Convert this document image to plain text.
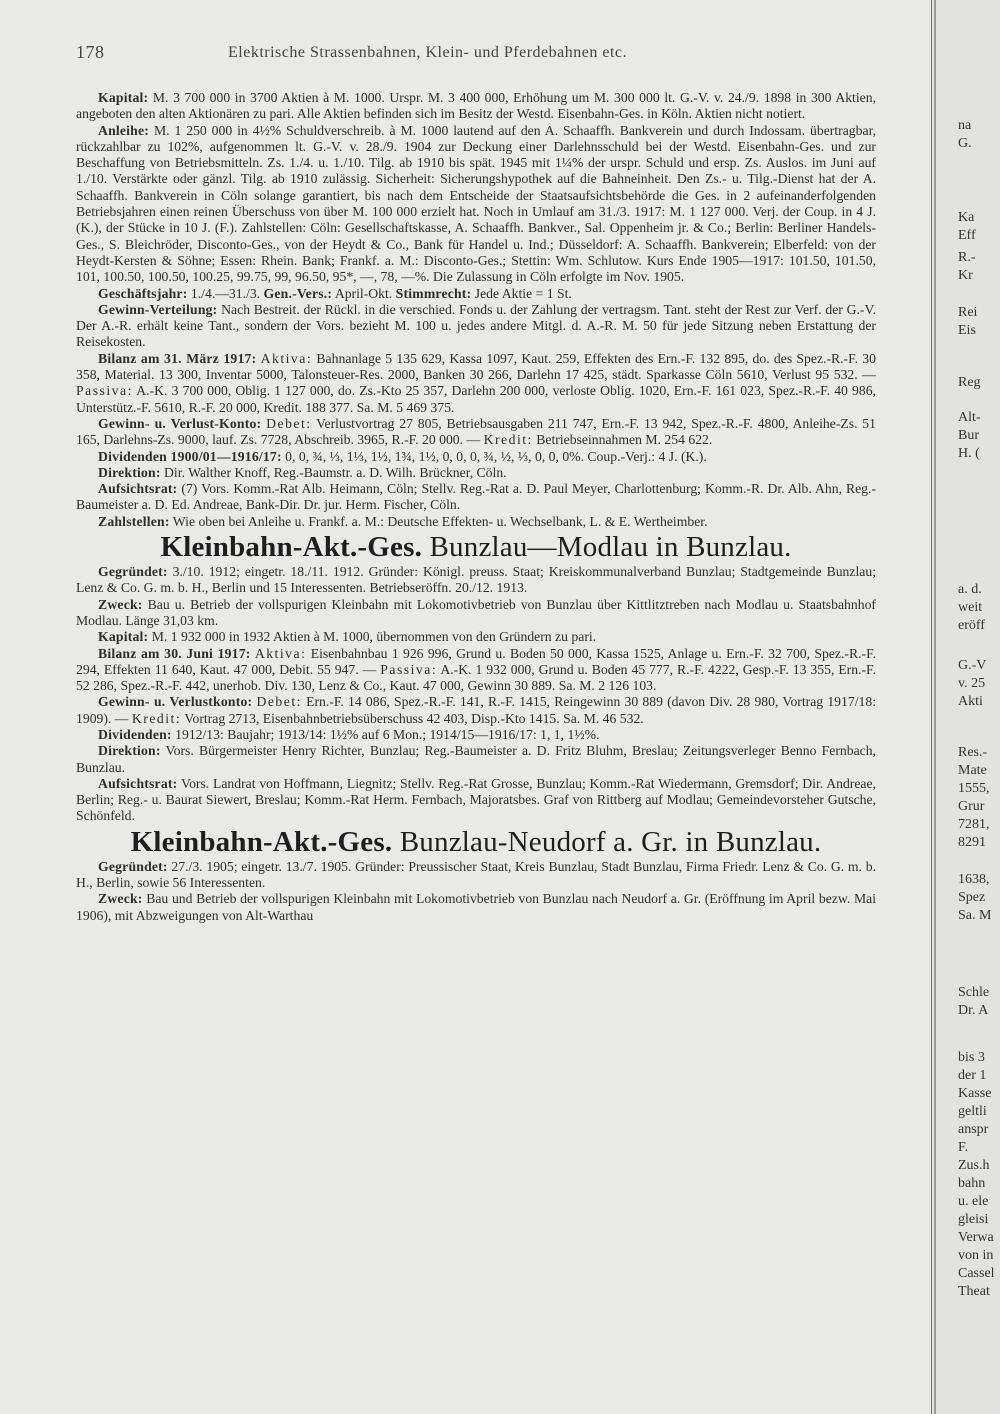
178	Elektrische Strassenbahnen, Klein- und Pferdebahnen etc.

Kapital: M. 3 700 000 in 3700 Aktien à M. 1000. Urspr. M. 3 400 000, Erhöhung um M. 300 000 lt. G.-V. v. 24./9. 1898 in 300 Aktien, angeboten den alten Aktionären zu pari. Alle Aktien befinden sich im Besitz der Westd. Eisenbahn-Ges. in Köln. Aktien nicht notiert.

Anleihe: M. 1 250 000 in 4½% Schuldverschreib. à M. 1000 lautend auf den A. Schaaffh. Bankverein und durch Indossam. übertragbar, rückzahlbar zu 102%, aufgenommen lt. G.-V. v. 28./9. 1904 zur Deckung einer Darlehnsschuld bei der Westd. Eisenbahn-Ges. und zur Beschaffung von Betriebsmitteln. Zs. 1./4. u. 1./10. Tilg. ab 1910 bis spät. 1945 mit 1¼% der urspr. Schuld und ersp. Zs. Auslos. im Juni auf 1./10. Verstärkte oder gänzl. Tilg. ab 1910 zulässig. Sicherheit: Sicherungshypothek auf die Bahneinheit. Den Zs.- u. Tilg.-Dienst hat der A. Schaaffh. Bankverein in Cöln solange garantiert, bis nach dem Entscheide der Staatsaufsichtsbehörde die Ges. in 2 aufeinanderfolgenden Betriebsjahren einen reinen Überschuss von über M. 100 000 erzielt hat. Noch in Umlauf am 31./3. 1917: M. 1 127 000. Verj. der Coup. in 4 J. (K.), der Stücke in 10 J. (F.). Zahlstellen: Cöln: Gesellschaftskasse, A. Schaaffh. Bankver., Sal. Oppenheim jr. & Co.; Berlin: Berliner Handels-Ges., S. Bleichröder, Disconto-Ges., von der Heydt & Co., Bank für Handel u. Ind.; Düsseldorf: A. Schaaffh. Bankverein; Elberfeld: von der Heydt-Kersten & Söhne; Essen: Rhein. Bank; Frankf. a. M.: Disconto-Ges.; Stettin: Wm. Schlutow. Kurs Ende 1905—1917: 101.50, 101.50, 101, 100.50, 100.50, 100.25, 99.75, 99, 96.50, 95*, —, 78, —%. Die Zulassung in Cöln erfolgte im Nov. 1905.

Geschäftsjahr: 1./4.—31./3. Gen.-Vers.: April-Okt. Stimmrecht: Jede Aktie = 1 St.

Gewinn-Verteilung: Nach Bestreit. der Rückl. in die verschied. Fonds u. der Zahlung der vertragsm. Tant. steht der Rest zur Verf. der G.-V. Der A.-R. erhält keine Tant., sondern der Vors. bezieht M. 100 u. jedes andere Mitgl. d. A.-R. M. 50 für jede Sitzung neben Erstattung der Reisekosten.

Bilanz am 31. März 1917: Aktiva: Bahnanlage 5 135 629, Kassa 1097, Kaut. 259, Effekten des Ern.-F. 132 895, do. des Spez.-R.-F. 30 358, Material. 13 300, Inventar 5000, Talonsteuer-Res. 2000, Banken 30 266, Darlehn 17 425, städt. Sparkasse Cöln 5610, Verlust 95 532. — Passiva: A.-K. 3 700 000, Oblig. 1 127 000, do. Zs.-Kto 25 357, Darlehn 200 000, verloste Oblig. 1020, Ern.-F. 161 023, Spez.-R.-F. 40 986, Unterstütz.-F. 5610, R.-F. 20 000, Kredit. 188 377. Sa. M. 5 469 375.

Gewinn- u. Verlust-Konto: Debet: Verlustvortrag 27 805, Betriebsausgaben 211 747, Ern.-F. 13 942, Spez.-R.-F. 4800, Anleihe-Zs. 51 165, Darlehns-Zs. 9000, lauf. Zs. 7728, Abschreib. 3965, R.-F. 20 000. — Kredit: Betriebseinnahmen M. 254 622.

Dividenden 1900/01—1916/17: 0, 0, ¾, ⅓, 1⅓, 1½, 1¾, 1½, 0, 0, 0, ¾, ½, ⅓, 0, 0, 0%. Coup.-Verj.: 4 J. (K.).

Direktion: Dir. Walther Knoff, Reg.-Baumstr. a. D. Wilh. Brückner, Cöln.

Aufsichtsrat: (7) Vors. Komm.-Rat Alb. Heimann, Cöln; Stellv. Reg.-Rat a. D. Paul Meyer, Charlottenburg; Komm.-R. Dr. Alb. Ahn, Reg.-Baumeister a. D. Ed. Andreae, Bank-Dir. Dr. jur. Herm. Fischer, Cöln.

Zahlstellen: Wie oben bei Anleihe u. Frankf. a. M.: Deutsche Effekten- u. Wechselbank, L. & E. Wertheimber.

Kleinbahn-Akt.-Ges. Bunzlau—Modlau in Bunzlau.

Gegründet: 3./10. 1912; eingetr. 18./11. 1912. Gründer: Königl. preuss. Staat; Kreiskommunalverband Bunzlau; Stadtgemeinde Bunzlau; Lenz & Co. G. m. b. H., Berlin und 15 Interessenten. Betriebseröffn. 20./12. 1913.

Zweck: Bau u. Betrieb der vollspurigen Kleinbahn mit Lokomotivbetrieb von Bunzlau über Kittlitztreben nach Modlau u. Staatsbahnhof Modlau. Länge 31,03 km.

Kapital: M. 1 932 000 in 1932 Aktien à M. 1000, übernommen von den Gründern zu pari.

Bilanz am 30. Juni 1917: Aktiva: Eisenbahnbau 1 926 996, Grund u. Boden 50 000, Kassa 1525, Anlage u. Ern.-F. 32 700, Spez.-R.-F. 294, Effekten 11 640, Kaut. 47 000, Debit. 55 947. — Passiva: A.-K. 1 932 000, Grund u. Boden 45 777, R.-F. 4222, Gesp.-F. 13 355, Ern.-F. 52 286, Spez.-R.-F. 442, unerhob. Div. 130, Lenz & Co., Kaut. 47 000, Gewinn 30 889. Sa. M. 2 126 103.

Gewinn- u. Verlustkonto: Debet: Ern.-F. 14 086, Spez.-R.-F. 141, R.-F. 1415, Reingewinn 30 889 (davon Div. 28 980, Vortrag 1917/18: 1909). — Kredit: Vortrag 2713, Eisenbahnbetriebsüberschuss 42 403, Disp.-Kto 1415. Sa. M. 46 532.

Dividenden: 1912/13: Baujahr; 1913/14: 1½% auf 6 Mon.; 1914/15—1916/17: 1, 1, 1½%.

Direktion: Vors. Bürgermeister Henry Richter, Bunzlau; Reg.-Baumeister a. D. Fritz Bluhm, Breslau; Zeitungsverleger Benno Fernbach, Bunzlau.

Aufsichtsrat: Vors. Landrat von Hoffmann, Liegnitz; Stellv. Reg.-Rat Grosse, Bunzlau; Komm.-Rat Wiedermann, Gremsdorf; Dir. Andreae, Berlin; Reg.- u. Baurat Siewert, Breslau; Komm.-Rat Herm. Fernbach, Majoratsbes. Graf von Rittberg auf Modlau; Gemeindevorsteher Gutsche, Schönfeld.

Kleinbahn-Akt.-Ges. Bunzlau-Neudorf a. Gr. in Bunzlau.

Gegründet: 27./3. 1905; eingetr. 13./7. 1905. Gründer: Preussischer Staat, Kreis Bunzlau, Stadt Bunzlau, Firma Friedr. Lenz & Co. G. m. b. H., Berlin, sowie 56 Interessenten.

Zweck: Bau und Betrieb der vollspurigen Kleinbahn mit Lokomotivbetrieb von Bunzlau nach Neudorf a. Gr. (Eröffnung im April bezw. Mai 1906), mit Abzweigungen von Alt-Warthau

na
G.
Ka
Eff
R.-
Kr
Rei
Eis
Reg
Alt-
Bur
H. (
a. d.
weit
eröff
G.-V
v. 25
Akti
Res.-
Mate
1555,
Grur
7281,
8291
1638,
Spez
Sa. M
Schle
Dr. A
bis 3
der 1
Kasse
geltli
anspr
F.
Zus.h
bahn
u. ele
gleisi
Verwa
von in
Cassel
Theat
